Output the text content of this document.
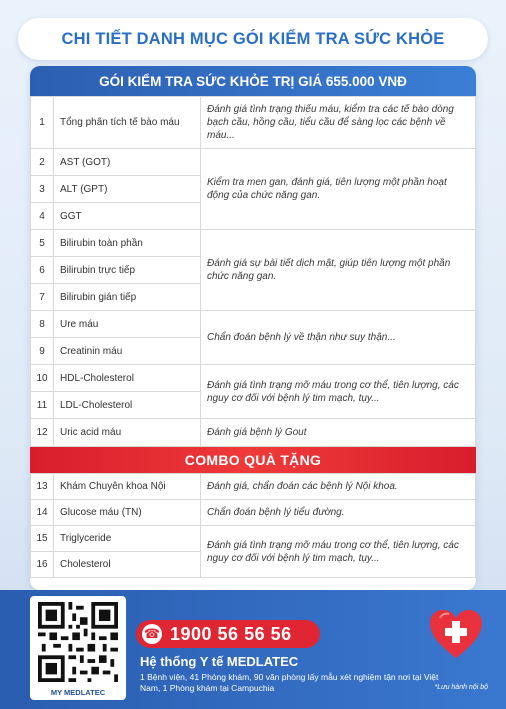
CHI TIẾT DANH MỤC GÓI KIỂM TRA SỨC KHỎE
GÓI KIỂM TRA SỨC KHỎE TRỊ GIÁ 655.000 VNĐ
1	Tổng phân tích tế bào máu	Đánh giá tình trạng thiếu máu, kiểm tra các tế bào dòng bạch cầu, hồng cầu, tiểu cầu để sàng lọc các bệnh về máu...
2	AST (GOT)	Kiểm tra men gan, đánh giá, tiên lượng một phần hoạt động của chức năng gan.
3	ALT (GPT)	
4	GGT	
5	Bilirubin toàn phần	Đánh giá sự bài tiết dịch mật, giúp tiên lượng một phần chức năng gan.
6	Bilirubin trực tiếp	
7	Bilirubin gián tiếp	
8	Ure máu	Chẩn đoán bệnh lý về thận như suy thận...
9	Creatinin máu	
10	HDL-Cholesterol	Đánh giá tình trạng mỡ máu trong cơ thể, tiên lượng, các nguy cơ đối với bệnh lý tim mạch, tụy...
11	LDL-Cholesterol	
12	Uric acid máu	Đánh giá bệnh lý Gout
COMBO QUÀ TẶNG
13	Khám Chuyên khoa Nội	Đánh giá, chẩn đoán các bệnh lý Nội khoa.
14	Glucose máu (TN)	Chẩn đoán bệnh lý tiểu đường.
15	Triglyceride	Đánh giá tình trạng mỡ máu trong cơ thể, tiên lượng, các nguy cơ đối với bệnh lý tim mạch, tụy...
16	Cholesterol	
MY MEDLATEC
☎ 1900 56 56 56
Hệ thống Y tế MEDLATEC
1 Bệnh viện, 41 Phòng khám, 90 văn phòng lấy mẫu xét nghiệm tận nơi tại Việt Nam, 1 Phòng khám tại Campuchia	*Lưu hành nội bộ
